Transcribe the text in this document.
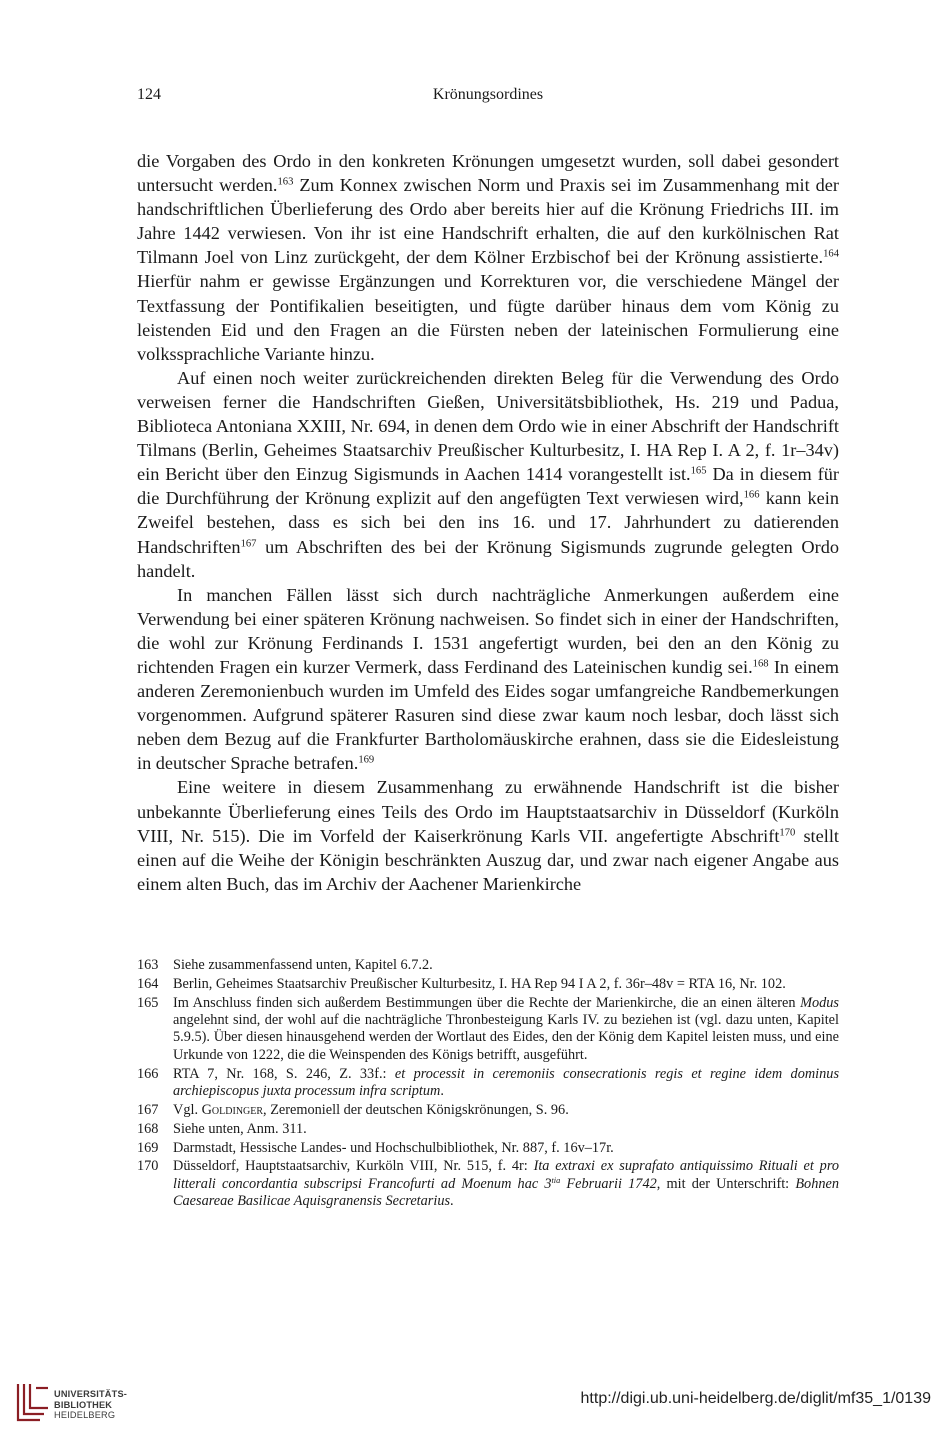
124	Krönungsordines

die Vorgaben des Ordo in den konkreten Krönungen umgesetzt wurden, soll dabei gesondert untersucht werden.$^{163}$ Zum Konnex zwischen Norm und Praxis sei im Zusammenhang mit der handschriftlichen Überlieferung des Ordo aber bereits hier auf die Krönung Friedrichs III. im Jahre 1442 verwiesen. Von ihr ist eine Handschrift erhalten, die auf den kurkölnischen Rat Tilmann Joel von Linz zurückgeht, der dem Kölner Erzbischof bei der Krönung assistierte.$^{164}$ Hierfür nahm er gewisse Ergänzungen und Korrekturen vor, die verschiedene Mängel der Textfassung der Pontifikalien beseitigten, und fügte darüber hinaus dem vom König zu leistenden Eid und den Fragen an die Fürsten neben der lateinischen Formulierung eine volkssprachliche Variante hinzu.

Auf einen noch weiter zurückreichenden direkten Beleg für die Verwendung des Ordo verweisen ferner die Handschriften Gießen, Universitätsbibliothek, Hs. 219 und Padua, Biblioteca Antoniana XXIII, Nr. 694, in denen dem Ordo wie in einer Abschrift der Handschrift Tilmans (Berlin, Geheimes Staatsarchiv Preußischer Kulturbesitz, I. HA Rep I. A 2, f. 1r–34v) ein Bericht über den Einzug Sigismunds in Aachen 1414 vorangestellt ist.$^{165}$ Da in diesem für die Durchführung der Krönung explizit auf den angefügten Text verwiesen wird,$^{166}$ kann kein Zweifel bestehen, dass es sich bei den ins 16. und 17. Jahrhundert zu datierenden Handschriften$^{167}$ um Abschriften des bei der Krönung Sigismunds zugrunde gelegten Ordo handelt.

In manchen Fällen lässt sich durch nachträgliche Anmerkungen außerdem eine Verwendung bei einer späteren Krönung nachweisen. So findet sich in einer der Handschriften, die wohl zur Krönung Ferdinands I. 1531 angefertigt wurden, bei den an den König zu richtenden Fragen ein kurzer Vermerk, dass Ferdinand des Lateinischen kundig sei.$^{168}$ In einem anderen Zeremonienbuch wurden im Umfeld des Eides sogar umfangreiche Randbemerkungen vorgenommen. Aufgrund späterer Rasuren sind diese zwar kaum noch lesbar, doch lässt sich neben dem Bezug auf die Frankfurter Bartholomäuskirche erahnen, dass sie die Eidesleistung in deutscher Sprache betrafen.$^{169}$

Eine weitere in diesem Zusammenhang zu erwähnende Handschrift ist die bisher unbekannte Überlieferung eines Teils des Ordo im Hauptstaatsarchiv in Düsseldorf (Kurköln VIII, Nr. 515). Die im Vorfeld der Kaiserkrönung Karls VII. angefertigte Abschrift$^{170}$ stellt einen auf die Weihe der Königin beschränkten Auszug dar, und zwar nach eigener Angabe aus einem alten Buch, das im Archiv der Aachener Marienkirche

163	Siehe zusammenfassend unten, Kapitel 6.7.2.
164	Berlin, Geheimes Staatsarchiv Preußischer Kulturbesitz, I. HA Rep 94 I A 2, f. 36r–48v = RTA 16, Nr. 102.
165	Im Anschluss finden sich außerdem Bestimmungen über die Rechte der Marienkirche, die an einen älteren Modus angelehnt sind, der wohl auf die nachträgliche Thronbesteigung Karls IV. zu beziehen ist (vgl. dazu unten, Kapitel 5.9.5). Über diesen hinausgehend werden der Wortlaut des Eides, den der König dem Kapitel leisten muss, und eine Urkunde von 1222, die die Weinspenden des Königs betrifft, ausgeführt.
166	RTA 7, Nr. 168, S. 246, Z. 33f.: et processit in ceremoniis consecrationis regis et regine idem dominus archiepiscopus juxta processum infra scriptum.
167	Vgl. Goldinger, Zeremoniell der deutschen Königskrönungen, S. 96.
168	Siehe unten, Anm. 311.
169	Darmstadt, Hessische Landes- und Hochschulbibliothek, Nr. 887, f. 16v–17r.
170	Düsseldorf, Hauptstaatsarchiv, Kurköln VIII, Nr. 515, f. 4r: Ita extraxi ex suprafato antiquissimo Rituali et pro litterali concordantia subscripsi Francofurti ad Moenum hac $3^{tia}$ Februarii 1742, mit der Unterschrift: Bohnen Caesareae Basilicae Aquisgranensis Secretarius.
UNIVERSITÄTS-
BIBLIOTHEK
HEIDELBERG
http://digi.ub.uni-heidelberg.de/diglit/mf35_1/0139
